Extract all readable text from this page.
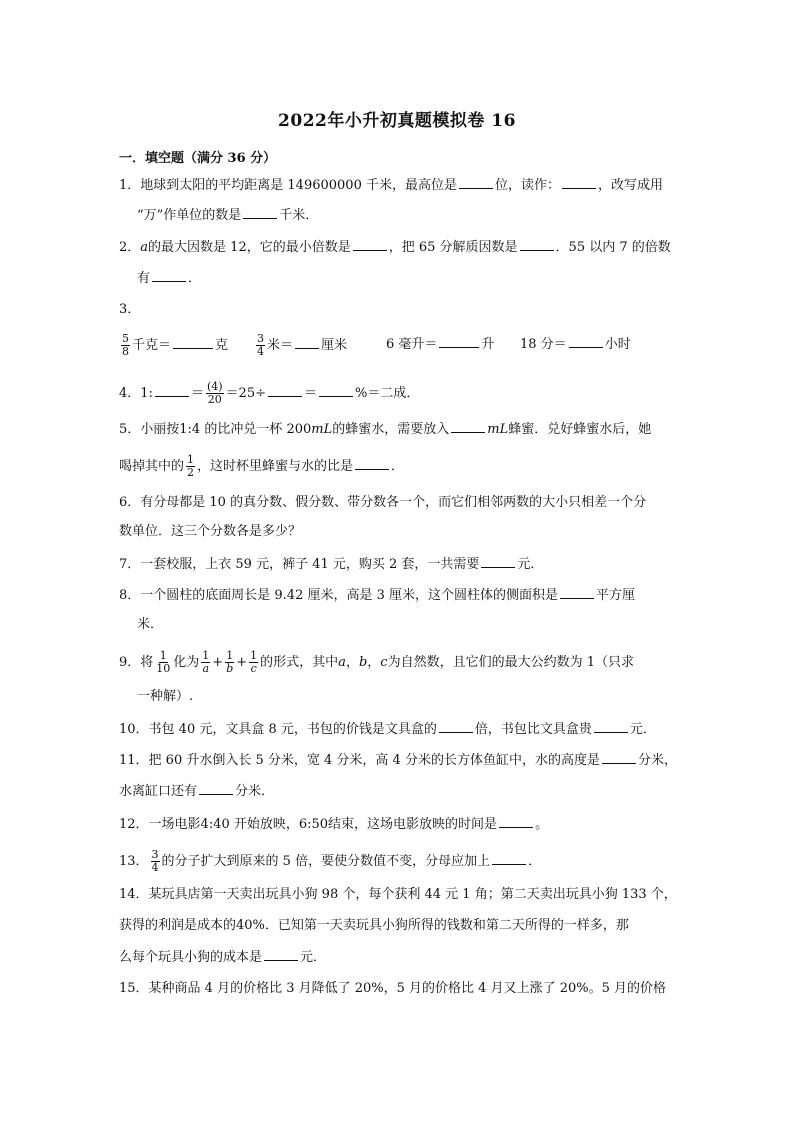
2022年小升初真题模拟卷 16
一．填空题（满分 36 分）
1．地球到太阳的平均距离是 149600000 千米，最高位是	位，读作：	，改写成用
“万”作单位的数是	千米．
2．a的最大因数是 12，它的最小倍数是	，把 65 分解质因数是	．55 以内 7 的倍数
有	．
3．
$\frac{5}{8}$ 千克＝	克	$\frac{3}{4}$ 米＝ 厘米	6 毫升＝	升 18 分＝	小时
4．1:	＝ $\frac{(4)}{20} =25\div$	＝	%＝二成．
5．小丽按1:4 的比冲兑一杯 200mL的蜂蜜水，需要放入	mL蜂蜜．兑好蜂蜜水后，她
喝掉其中的 $\frac{1}{2}$ ，这时杯里蜂蜜与水的比是	．
6．有分母都是 10 的真分数、假分数、带分数各一个，而它们相邻两数的大小只相差一个分
数单位．这三个分数各是多少？
7．一套校服，上衣 59 元，裤子 41 元，购买 2 套，一共需要	元．
8．一个圆柱的底面周长是 9.42 厘米，高是 3 厘米，这个圆柱体的侧面积是	平方厘
米．
9．将 $\frac{1}{10}$ 化为 $\frac{1}{a} + \frac{1}{b} + \frac{1}{c}$ 的形式，其中a，b，c为自然数，且它们的最大公约数为 1（只求
一种解）.
10．书包 40 元，文具盒 8 元，书包的价钱是文具盒的	倍，书包比文具盒贵	元．
11．把 60 升水倒入长 5 分米，宽 4 分米，高 4 分米的长方体鱼缸中，水的高度是	分米，
水离缸口还有	分米．
12．一场电影4:40 开始放映，6:50结束，这场电影放映的时间是	。
13． $\frac{3}{4}$ 的分子扩大到原来的 5 倍，要使分数值不变，分母应加上	．
14．某玩具店第一天卖出玩具小狗 98 个，每个获利 44 元 1 角；第二天卖出玩具小狗 133 个，
获得的利润是成本的40%．已知第一天卖玩具小狗所得的钱数和第二天所得的一样多，那
么每个玩具小狗的成本是	元．
15．某种商品 4 月的价格比 3 月降低了 20%，5 月的价格比 4 月又上涨了 20%。5 月的价格
